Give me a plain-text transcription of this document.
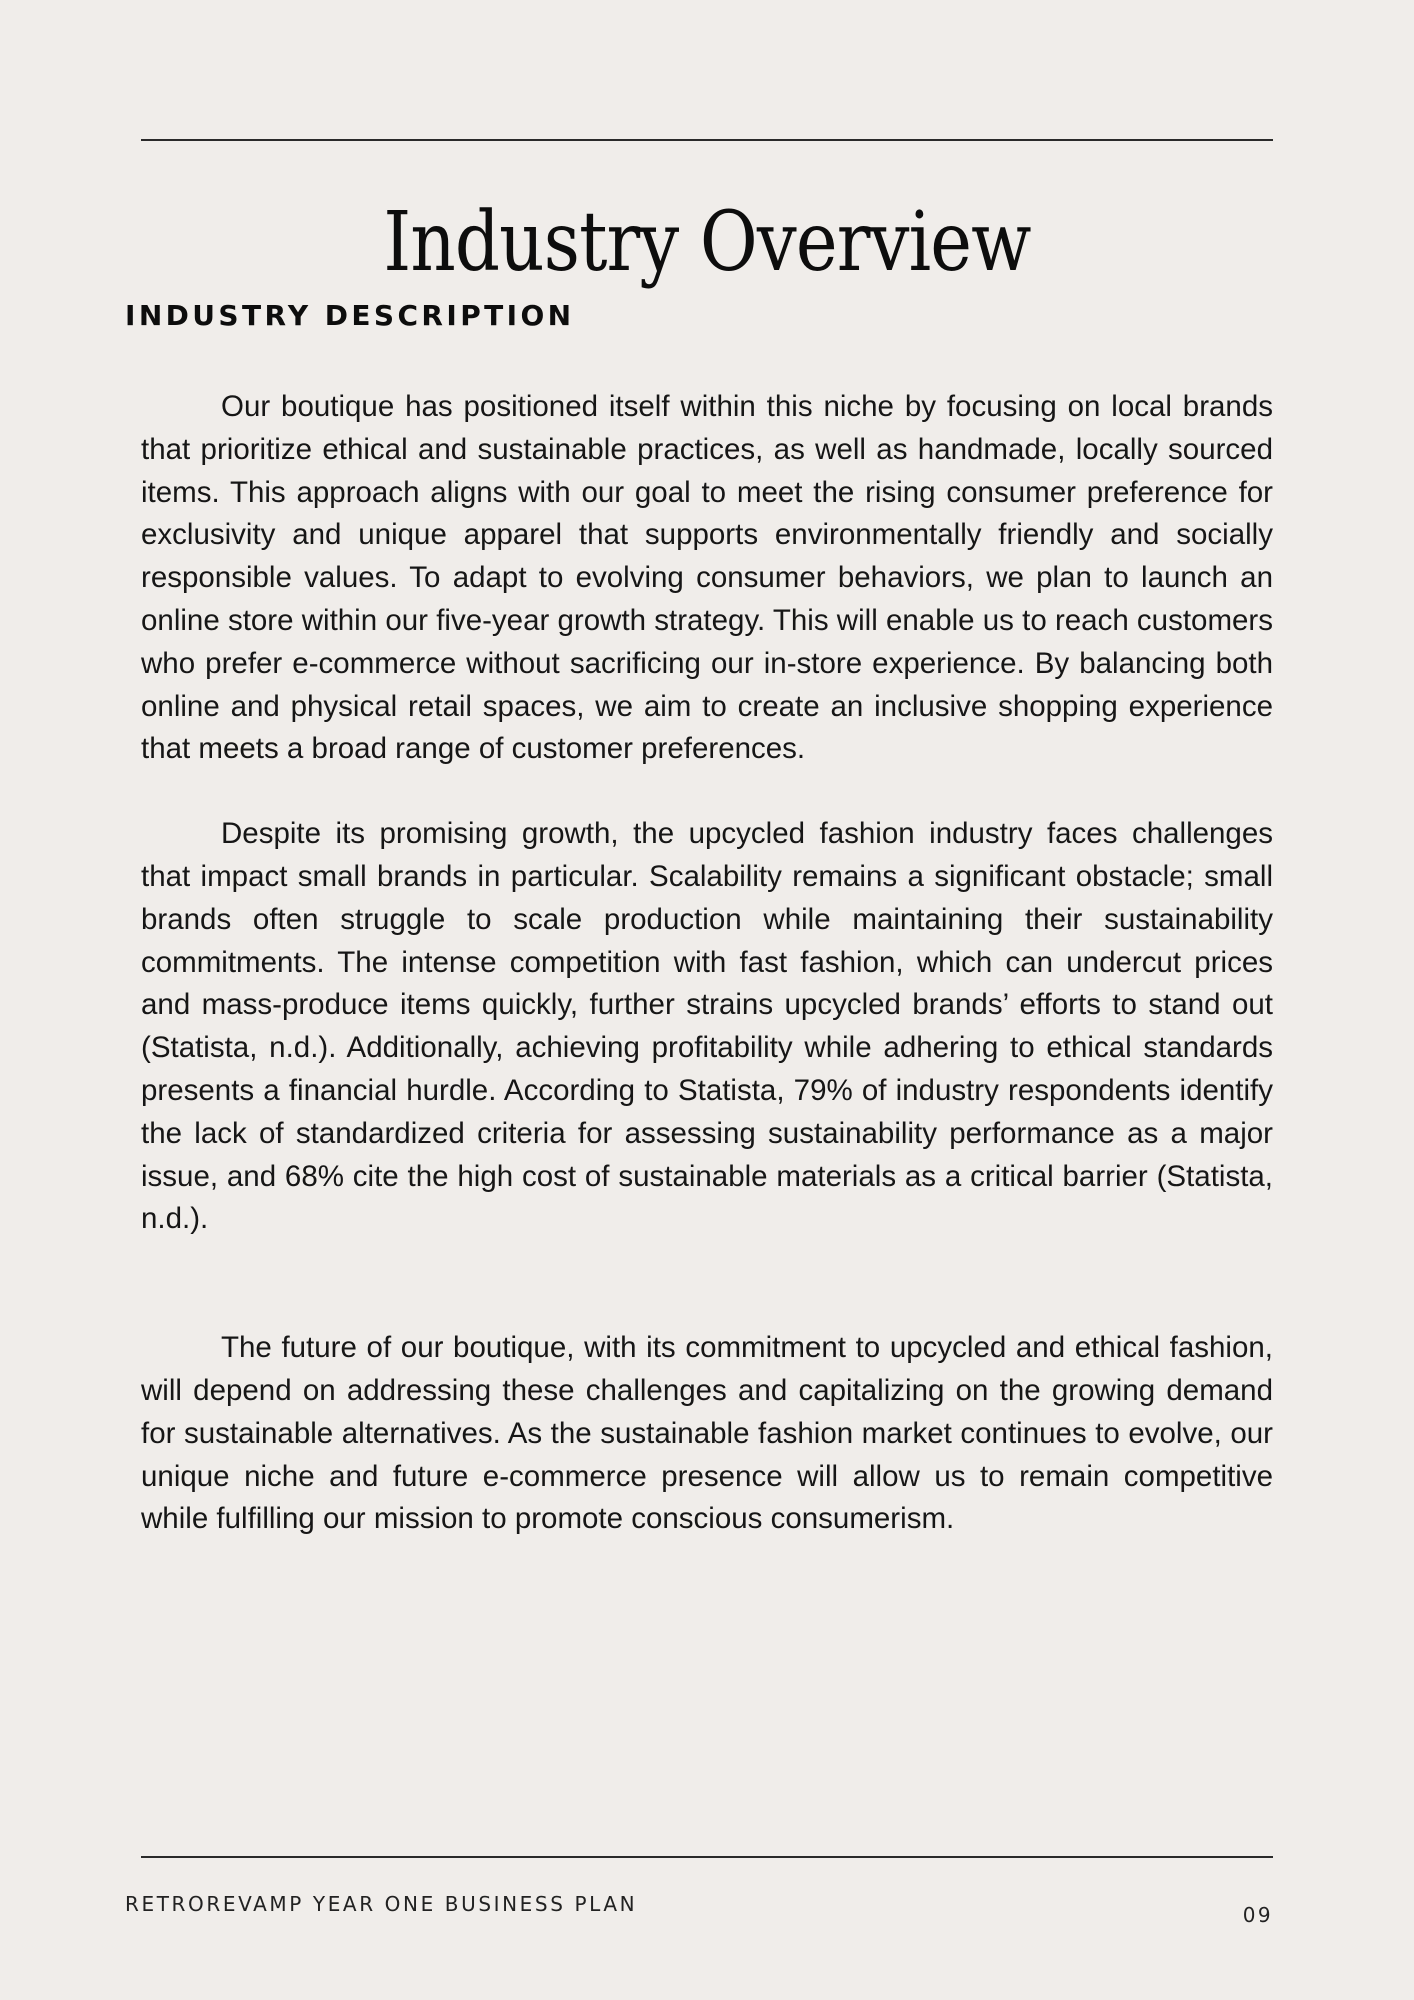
Industry Overview
INDUSTRY DESCRIPTION

Our boutique has positioned itself within this niche by focusing on local brands that prioritize ethical and sustainable practices, as well as handmade, locally sourced items. This approach aligns with our goal to meet the rising consumer preference for exclusivity and unique apparel that supports environmentally friendly and socially responsible values. To adapt to evolving consumer behaviors, we plan to launch an online store within our five-year growth strategy. This will enable us to reach customers who prefer e-commerce without sacrificing our in-store experience. By balancing both online and physical retail spaces, we aim to create an inclusive shopping experience that meets a broad range of customer preferences.

Despite its promising growth, the upcycled fashion industry faces challenges that impact small brands in particular. Scalability remains a significant obstacle; small brands often struggle to scale production while maintaining their sustainability commitments. The intense competition with fast fashion, which can undercut prices and mass-produce items quickly, further strains upcycled brands’ efforts to stand out (Statista, n.d.). Additionally, achieving profitability while adhering to ethical standards presents a financial hurdle. According to Statista, 79% of industry respondents identify the lack of standardized criteria for assessing sustainability performance as a major issue, and 68% cite the high cost of sustainable materials as a critical barrier (Statista, n.d.).

The future of our boutique, with its commitment to upcycled and ethical fashion, will depend on addressing these challenges and capitalizing on the growing demand for sustainable alternatives. As the sustainable fashion market continues to evolve, our unique niche and future e-commerce presence will allow us to remain competitive while fulfilling our mission to promote conscious consumerism.

RETROREVAMP YEAR ONE BUSINESS PLAN	09
